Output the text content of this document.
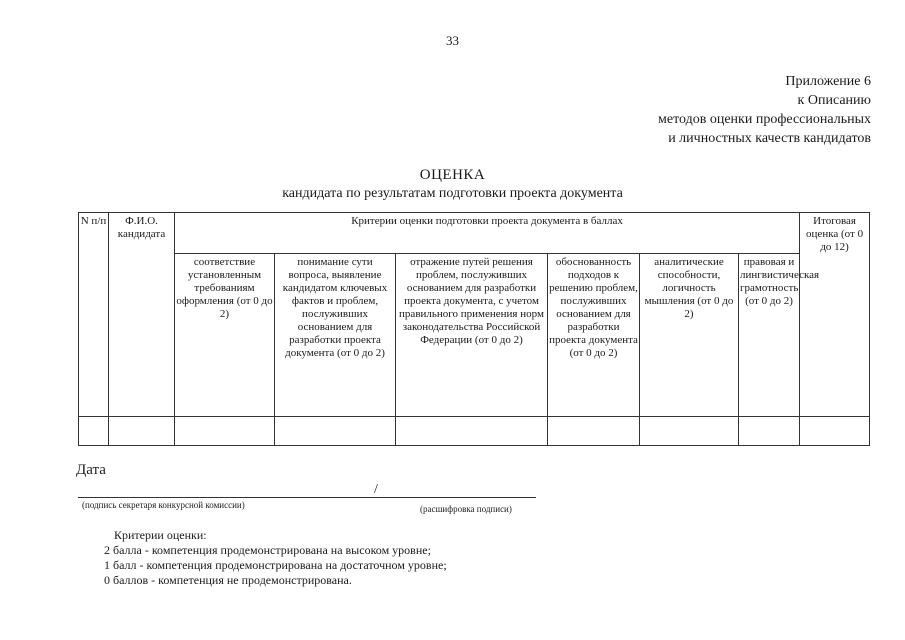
33
Приложение 6
к Описанию
методов оценки профессиональных
и личностных качеств кандидатов
ОЦЕНКА
кандидата по результатам подготовки проекта документа
N п/п	Ф.И.О. кандидата	Критерии оценки подготовки проекта документа в баллах						Итоговая оценка (от 0 до 12)
		соответствие установленным требованиям оформления (от 0 до 2)	понимание сути вопроса, выявление кандидатом ключевых фактов и проблем, послуживших основанием для разработки проекта документа (от 0 до 2)	отражение путей решения проблем, послуживших основанием для разработки проекта документа, с учетом правильного применения норм законодательства Российской Федерации (от 0 до 2)	обоснованность подходов к решению проблем, послуживших основанием для разработки проекта документа (от 0 до 2)	аналитические способности, логичность мышления (от 0 до 2)	правовая и лингвистическая грамотность (от 0 до 2)	

Дата
/
(подпись секретаря конкурсной комиссии)	(расшифровка подписи)
Критерии оценки:
2 балла - компетенция продемонстрирована на высоком уровне;
1 балл - компетенция продемонстрирована на достаточном уровне;
0 баллов - компетенция не продемонстрирована.
